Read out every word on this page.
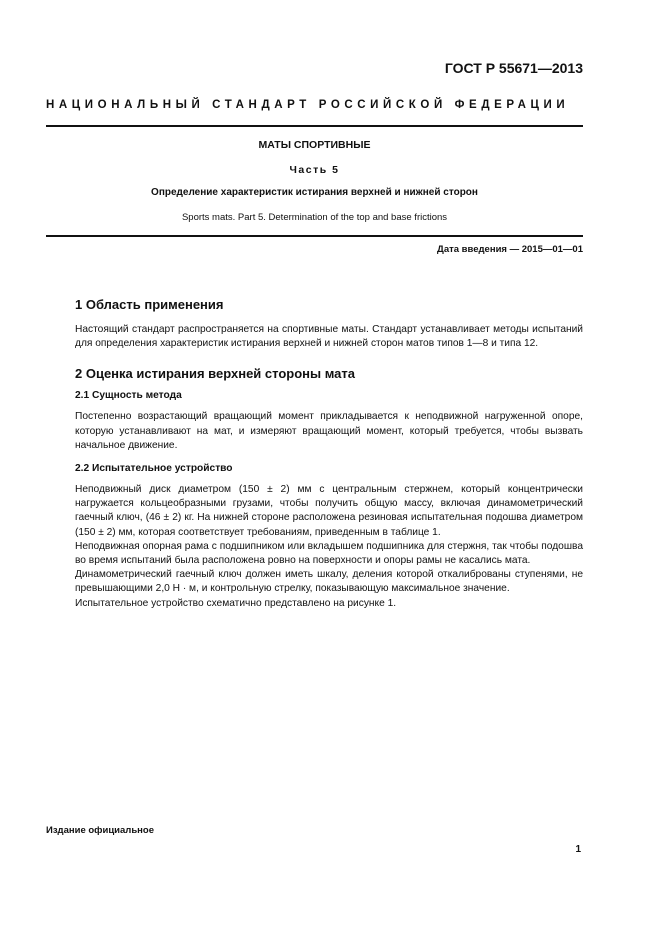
ГОСТ Р 55671—2013
НАЦИОНАЛЬНЫЙ СТАНДАРТ РОССИЙСКОЙ ФЕДЕРАЦИИ
МАТЫ СПОРТИВНЫЕ
Часть 5
Определение характеристик истирания верхней и нижней сторон
Sports mats. Part 5. Determination of the top and base frictions
Дата введения — 2015—01—01
1 Область применения

Настоящий стандарт распространяется на спортивные маты. Стандарт устанавливает методы испытаний для определения характеристик истирания верхней и нижней сторон матов типов 1—8 и типа 12.

2 Оценка истирания верхней стороны мата
2.1 Сущность метода

Постепенно возрастающий вращающий момент прикладывается к неподвижной нагруженной опоре, которую устанавливают на мат, и измеряют вращающий момент, который требуется, чтобы вызвать начальное движение.

2.2 Испытательное устройство

Неподвижный диск диаметром (150 ± 2) мм с центральным стержнем, который концентрически нагружается кольцеобразными грузами, чтобы получить общую массу, включая динамометрический гаечный ключ, (46 ± 2) кг. На нижней стороне расположена резиновая испытательная подошва диаметром (150 ± 2) мм, которая соответствует требованиям, приведенным в таблице 1.

Неподвижная опорная рама с подшипником или вкладышем подшипника для стержня, так чтобы подошва во время испытаний была расположена ровно на поверхности и опоры рамы не касались мата.

Динамометрический гаечный ключ должен иметь шкалу, деления которой откалиброваны ступенями, не превышающими 2,0 Н · м, и контрольную стрелку, показывающую максимальное значение.

Испытательное устройство схематично представлено на рисунке 1.

Издание официальное
1
